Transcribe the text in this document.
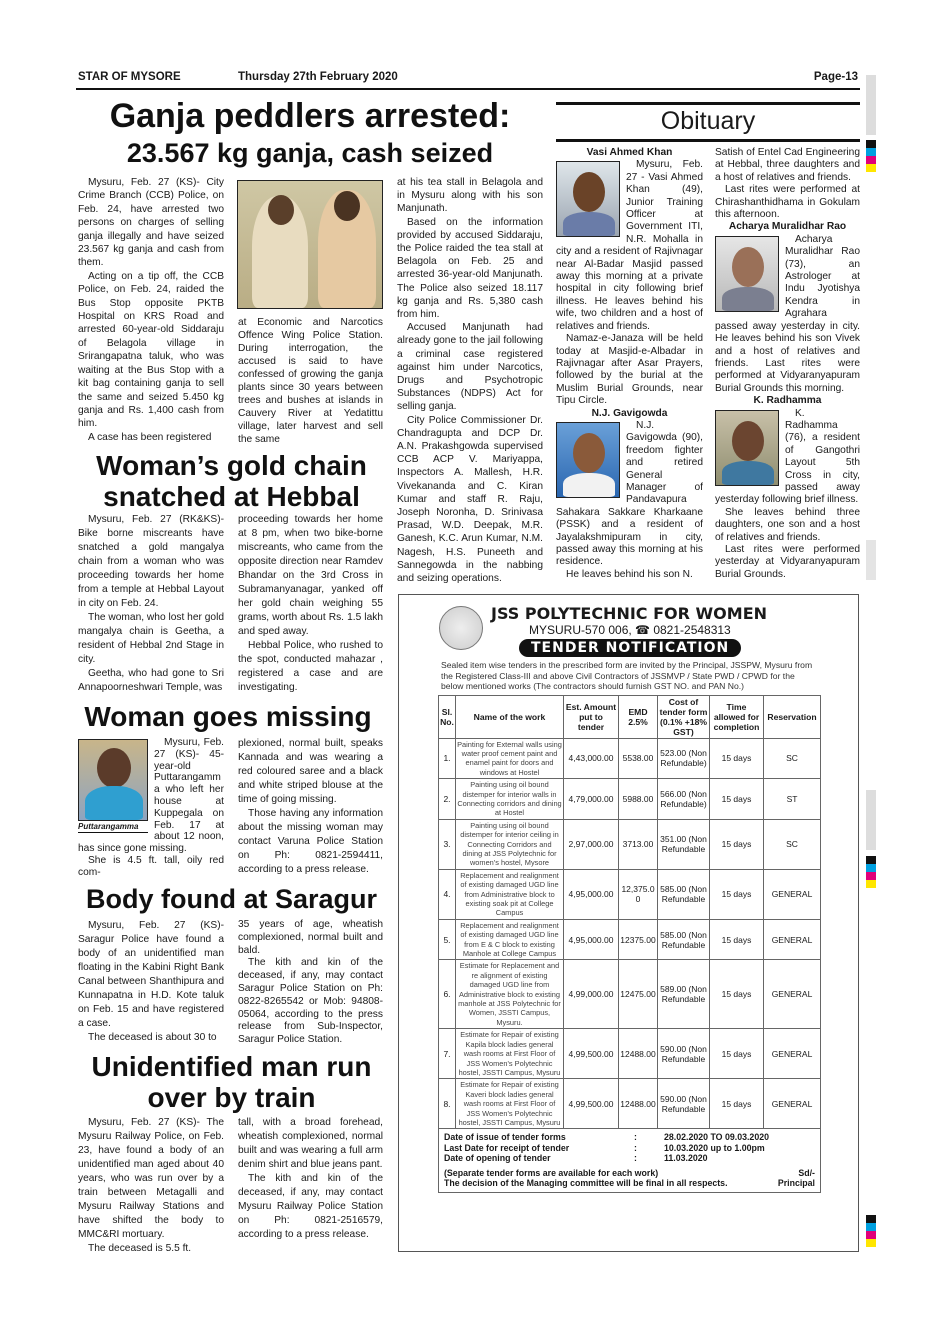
STAR OF MYSORE	Thursday 27th February 2020	Page-13
Ganja peddlers arrested:
23.567 kg ganja, cash seized

Mysuru, Feb. 27 (KS)- City Crime Branch (CCB) Police, on Feb. 24, have arrested two persons on charges of selling ganja illegally and have seized 23.567 kg ganja and cash from them.

Acting on a tip off, the CCB Police, on Feb. 24, raided the Bus Stop opposite PKTB Hospital on KRS Road and arrested 60-year-old Siddaraju of Belagola village in Srirangapatna taluk, who was waiting at the Bus Stop with a kit bag containing ganja to sell the same and seized 5.450 kg ganja and Rs. 1,400 cash from him.

A case has been registered

at Economic and Narcotics Offence Wing Police Station. During interrogation, the accused is said to have confessed of growing the ganja plants since 30 years between trees and bushes at islands in Cauvery River at Yedatittu village, later harvest and sell the same

at his tea stall in Belagola and in Mysuru along with his son Manjunath.

Based on the information provided by accused Siddaraju, the Police raided the tea stall at Belagola on Feb. 25 and arrested 36-year-old Manjunath. The Police also seized 18.117 kg ganja and Rs. 5,380 cash from him.

Accused Manjunath had already gone to the jail following a criminal case registered against him under Narcotics, Drugs and Psychotropic Substances (NDPS) Act for selling ganja.

City Police Commissioner Dr. Chandragupta and DCP Dr. A.N. Prakashgowda supervised CCB ACP V. Mariyappa, Inspectors A. Mallesh, H.R. Vivekananda and C. Kiran Kumar and staff R. Raju, Joseph Noronha, D. Srinivasa Prasad, W.D. Deepak, M.R. Ganesh, K.C. Arun Kumar, N.M. Nagesh, H.S. Puneeth and Sannegowda in the nabbing and seizing operations.

Woman’s gold chain
snatched at Hebbal

Mysuru, Feb. 27 (RK&KS)- Bike borne miscreants have snatched a gold mangalya chain from a woman who was proceeding towards her home from a temple at Hebbal Layout in city on Feb. 24.

The woman, who lost her gold mangalya chain is Geetha, a resident of Hebbal 2nd Stage in city.

Geetha, who had gone to Sri Annapoorneshwari Temple, was

proceeding towards her home at 8 pm, when two bike-borne miscreants, who came from the opposite direction near Ramdev Bhandar on the 3rd Cross in Subramanyanagar, yanked off her gold chain weighing 55 grams, worth about Rs. 1.5 lakh and sped away.

Hebbal Police, who rushed to the spot, conducted mahazar , registered a case and are investigating.

Woman goes missing
Puttarangamma

Mysuru, Feb. 27 (KS)- 45-year-old Puttarangamma who left her house at Kuppegala on Feb. 17 at about 12 noon, has since gone missing.

She is 4.5 ft. tall, oily red com-

plexioned, normal built, speaks Kannada and was wearing a red coloured saree and a black and white striped blouse at the time of going missing.

Those having any information about the missing woman may contact Varuna Police Station on Ph: 0821-2594411, according to a press release.

Body found at Saragur

Mysuru, Feb. 27 (KS)- Saragur Police have found a body of an unidentified man floating in the Kabini Right Bank Canal between Shanthipura and Kunnapatna in H.D. Kote taluk on Feb. 15 and have registered a case.

The deceased is about 30 to

35 years of age, wheatish complexioned, normal built and bald.

The kith and kin of the deceased, if any, may contact Saragur Police Station on Ph: 0822-8265542 or Mob: 94808-05064, according to the press release from Sub-Inspector, Saragur Police Station.

Unidentified man run
over by train

Mysuru, Feb. 27 (KS)- The Mysuru Railway Police, on Feb. 23, have found a body of an unidentified man aged about 40 years, who was run over by a train between Metagalli and Mysuru Railway Stations and have shifted the body to MMC&RI mortuary.

The deceased is 5.5 ft.

tall, with a broad forehead, wheatish complexioned, normal built and was wearing a full arm denim shirt and blue jeans pant.

The kith and kin of the deceased, if any, may contact Mysuru Railway Police Station on Ph: 0821-2516579, according to a press release.

Obituary

Vasi Ahmed Khan

Mysuru, Feb. 27 - Vasi Ahmed Khan (49), Junior Training Officer at Government ITI, N.R. Mohalla in city and a resident of Rajivnagar near Al-Badar Masjid passed away this morning at a private hospital in city following brief illness. He leaves behind his wife, two children and a host of relatives and friends.

Namaz-e-Janaza will be held today at Masjid-e-Albadar in Rajivnagar after Asar Prayers, followed by the burial at the Muslim Burial Grounds, near Tipu Circle.

N.J. Gavigowda

N.J. Gavigowda (90), freedom fighter and retired General Manager of Pandavapura Sahakara Sakkare Kharkaane (PSSK) and a resident of Jayalakshmipuram in city, passed away this morning at his residence.

He leaves behind his son N.

Satish of Entel Cad Engineering at Hebbal, three daughters and a host of relatives and friends.

Last rites were performed at Chirashanthidhama in Gokulam this afternoon.

Acharya Muralidhar Rao

Acharya Muralidhar Rao (73), an Astrologer at Indu Jyotishya Kendra in Agrahara passed away yesterday in city. He leaves behind his son Vivek and a host of relatives and friends. Last rites were performed at Vidyaranyapuram Burial Grounds this morning.

K. Radhamma

K. Radhamma (76), a resident of Gangothri Layout 5th Cross in city, passed away yesterday following brief illness.

She leaves behind three daughters, one son and a host of relatives and friends.

Last rites were performed yesterday at Vidyaranyapuram Burial Grounds.

JSS POLYTECHNIC FOR WOMEN
MYSURU-570 006, ☎ 0821-2548313
TENDER NOTIFICATION
Sealed item wise tenders in the prescribed form are invited by the Principal, JSSPW, Mysuru from the Registered Class-III and above Civil Contractors of JSSMVP / State PWD / CPWD for the below mentioned works (The contractors should furnish GST NO. and PAN No.)
Sl. No.	Name of the work	Est. Amount put to tender	EMD 2.5%	Cost of tender form (0.1% +18% GST)	Time allowed for completion	Reservation
1.	Painting for External walls using water proof cement paint and enamel paint for doors and windows at Hostel	4,43,000.00	5538.00	523.00 (Non Refundable)	15 days	SC
2.	Painting using oil bound distemper for interior walls in Connecting corridors and dining at Hostel	4,79,000.00	5988.00	566.00 (Non Refundable)	15 days	ST
3.	Painting using oil bound distemper for interior ceiling in Connecting Corridors and dining at JSS Polytechnic for women's hostel, Mysore	2,97,000.00	3713.00	351.00 (Non Refundable	15 days	SC
4.	Replacement and realignment of existing damaged UGD line from Administrative block to existing soak pit at College Campus	4,95,000.00	12,375.00	585.00 (Non Refundable	15 days	GENERAL
5.	Replacement and realignment of existing damaged UGD line from E & C block to existing Manhole at College Campus	4,95,000.00	12375.00	585.00 (Non Refundable	15 days	GENERAL
6.	Estimate for Replacement and re alignment of existing damaged UGD line from Administrative block to existing manhole at JSS Polytechnic for Women, JSSTI Campus, Mysuru.	4,99,000.00	12475.00	589.00 (Non Refundable	15 days	GENERAL
7.	Estimate for Repair of existing Kapila block ladies general wash rooms at First Floor of JSS Women's Polytechnic hostel, JSSTI Campus, Mysuru	4,99,500.00	12488.00	590.00 (Non Refundable	15 days	GENERAL
8.	Estimate for Repair of existing Kaveri block ladies general wash rooms at First Floor of JSS Women's Polytechnic hostel, JSSTI Campus, Mysuru	4,99,500.00	12488.00	590.00 (Non Refundable	15 days	GENERAL
Date of issue of tender forms	:	28.02.2020 TO 09.03.2020
Last Date for receipt of tender	:	10.03.2020 up to 1.00pm
Date of opening of tender	:	11.03.2020
(Separate tender forms are available for each work)	Sd/-
The decision of the Managing committee will be final in all respects.	Principal
